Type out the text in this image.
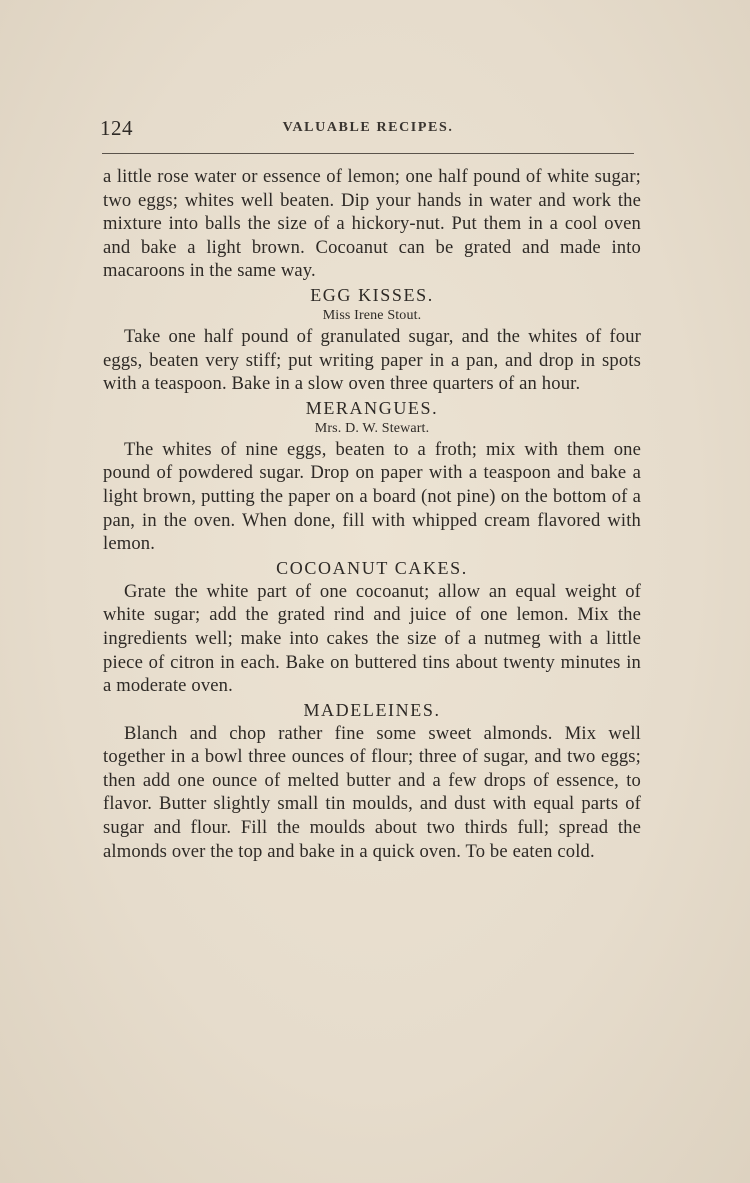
124	VALUABLE RECIPES.

a little rose water or essence of lemon; one half pound of white sugar; two eggs; whites well beaten. Dip your hands in water and work the mixture into balls the size of a hickory-nut. Put them in a cool oven and bake a light brown. Cocoanut can be grated and made into macaroons in the same way.

EGG KISSES.

Miss Irene Stout.

Take one half pound of granulated sugar, and the whites of four eggs, beaten very stiff; put writing paper in a pan, and drop in spots with a teaspoon. Bake in a slow oven three quarters of an hour.

MERANGUES.

Mrs. D. W. Stewart.

The whites of nine eggs, beaten to a froth; mix with them one pound of powdered sugar. Drop on paper with a teaspoon and bake a light brown, putting the paper on a board (not pine) on the bottom of a pan, in the oven. When done, fill with whipped cream flavored with lemon.

COCOANUT CAKES.

Grate the white part of one cocoanut; allow an equal weight of white sugar; add the grated rind and juice of one lemon. Mix the ingredients well; make into cakes the size of a nutmeg with a little piece of citron in each. Bake on buttered tins about twenty minutes in a moderate oven.

MADELEINES.

Blanch and chop rather fine some sweet almonds. Mix well together in a bowl three ounces of flour; three of sugar, and two eggs; then add one ounce of melted butter and a few drops of essence, to flavor. Butter slightly small tin moulds, and dust with equal parts of sugar and flour. Fill the moulds about two thirds full; spread the almonds over the top and bake in a quick oven. To be eaten cold.
